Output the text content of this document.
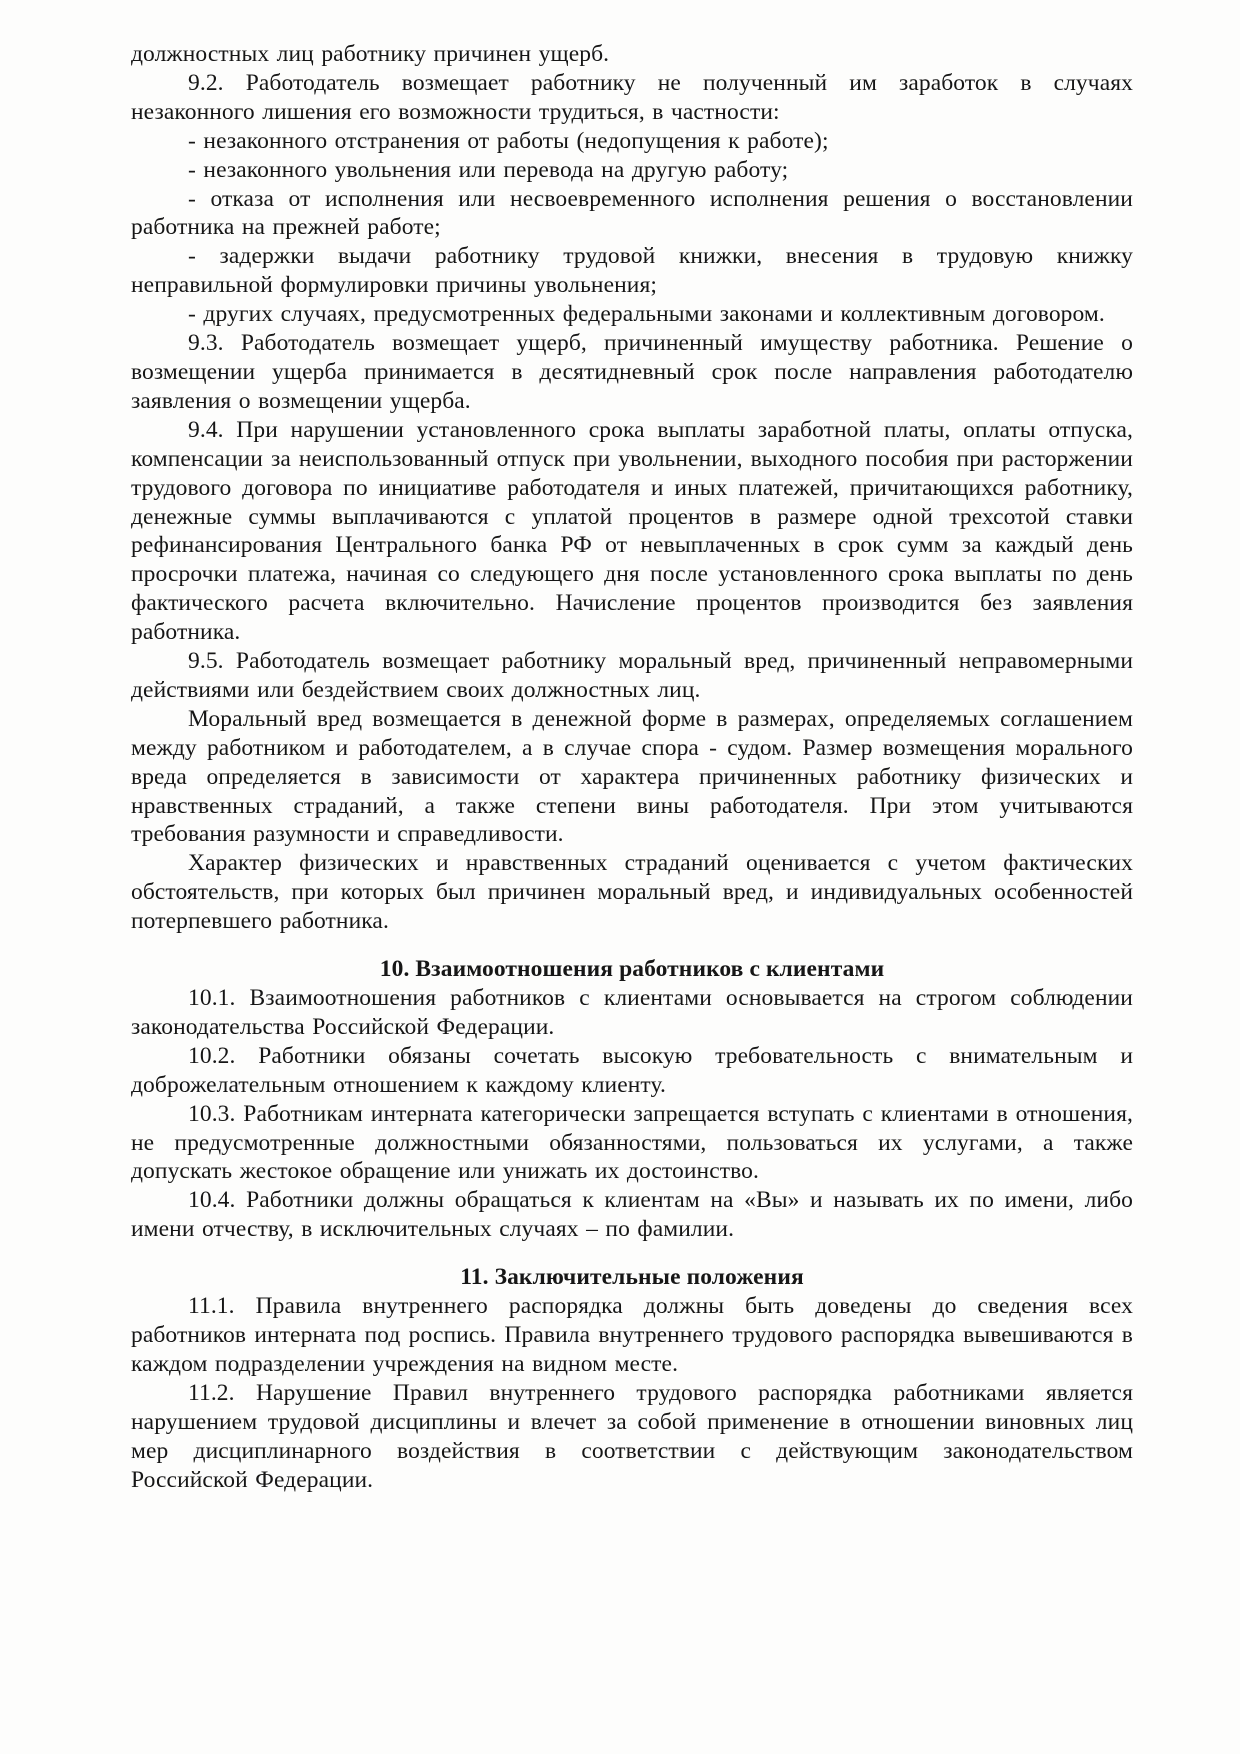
должностных лиц работнику причинен ущерб.

9.2. Работодатель возмещает работнику не полученный им заработок в случаях незаконного лишения его возможности трудиться, в частности:

- незаконного отстранения от работы (недопущения к работе);

- незаконного увольнения или перевода на другую работу;

- отказа от исполнения или несвоевременного исполнения решения о восстановлении работника на прежней работе;

- задержки выдачи работнику трудовой книжки, внесения в трудовую книжку неправильной формулировки причины увольнения;

- других случаях, предусмотренных федеральными законами и коллективным договором.

9.3. Работодатель возмещает ущерб, причиненный имуществу работника. Решение о возмещении ущерба принимается в десятидневный срок после направления работодателю заявления о возмещении ущерба.

9.4. При нарушении установленного срока выплаты заработной платы, оплаты отпуска, компенсации за неиспользованный отпуск при увольнении, выходного пособия при расторжении трудового договора по инициативе работодателя и иных платежей, причитающихся работнику, денежные суммы выплачиваются с уплатой процентов в размере одной трехсотой ставки рефинансирования Центрального банка РФ от невыплаченных в срок сумм за каждый день просрочки платежа, начиная со следующего дня после установленного срока выплаты по день фактического расчета включительно. Начисление процентов производится без заявления работника.

9.5. Работодатель возмещает работнику моральный вред, причиненный неправомерными действиями или бездействием своих должностных лиц.

Моральный вред возмещается в денежной форме в размерах, определяемых соглашением между работником и работодателем, а в случае спора - судом. Размер возмещения морального вреда определяется в зависимости от характера причиненных работнику физических и нравственных страданий, а также степени вины работодателя. При этом учитываются требования разумности и справедливости.

Характер физических и нравственных страданий оценивается с учетом фактических обстоятельств, при которых был причинен моральный вред, и индивидуальных особенностей потерпевшего работника.

10. Взаимоотношения работников с клиентами

10.1. Взаимоотношения работников с клиентами основывается на строгом соблюдении законодательства Российской Федерации.

10.2. Работники обязаны сочетать высокую требовательность с внимательным и доброжелательным отношением к каждому клиенту.

10.3. Работникам интерната категорически запрещается вступать с клиентами в отношения, не предусмотренные должностными обязанностями, пользоваться их услугами, а также допускать жестокое обращение или унижать их достоинство.

10.4. Работники должны обращаться к клиентам на «Вы» и называть их по имени, либо имени отчеству, в исключительных случаях – по фамилии.

11. Заключительные положения

11.1. Правила внутреннего распорядка должны быть доведены до сведения всех работников интерната под роспись. Правила внутреннего трудового распорядка вывешиваются в каждом подразделении учреждения на видном месте.

11.2. Нарушение Правил внутреннего трудового распорядка работниками является нарушением трудовой дисциплины и влечет за собой применение в отношении виновных лиц мер дисциплинарного воздействия в соответствии с действующим законодательством Российской Федерации.
